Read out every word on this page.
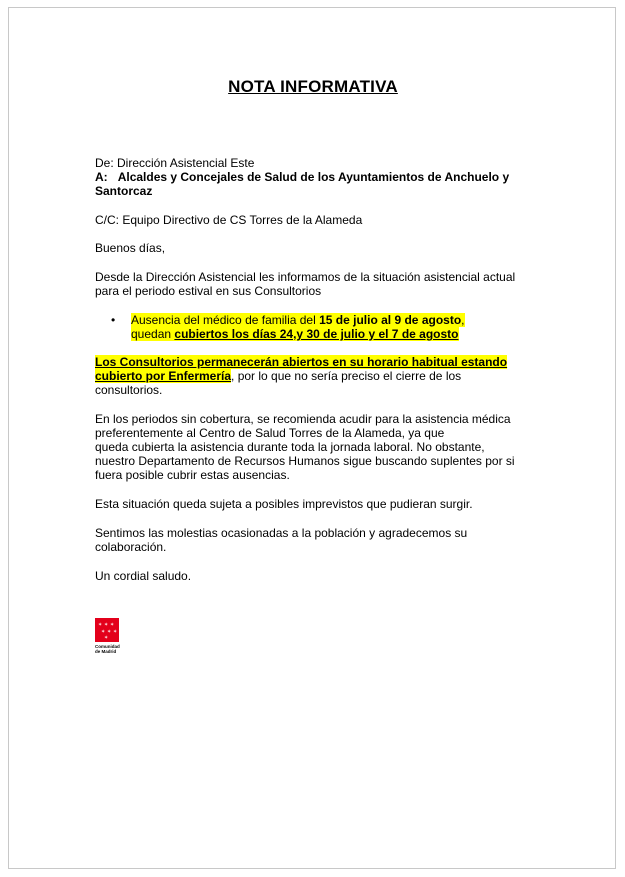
NOTA INFORMATIVA
De: Dirección Asistencial Este
A: Alcaldes y Concejales de Salud de los Ayuntamientos de Anchuelo y
Santorcaz
C/C: Equipo Directivo de CS Torres de la Alameda
Buenos días,
Desde la Dirección Asistencial les informamos de la situación asistencial actual
para el periodo estival en sus Consultorios
• Ausencia del médico de familia del 15 de julio al 9 de agosto,
quedan cubiertos los días 24,y 30 de julio y el 7 de agosto
Los Consultorios permanecerán abiertos en su horario habitual estando
cubierto por Enfermería, por lo que no sería preciso el cierre de los
consultorios.
En los periodos sin cobertura, se recomienda acudir para la asistencia médica
preferentemente al Centro de Salud Torres de la Alameda, ya que
queda cubierta la asistencia durante toda la jornada laboral. No obstante,
nuestro Departamento de Recursos Humanos sigue buscando suplentes por si
fuera posible cubrir estas ausencias.
Esta situación queda sujeta a posibles imprevistos que pudieran surgir.
Sentimos las molestias ocasionadas a la población y agradecemos su
colaboración.
Un cordial saludo.
✶ ✶ ✶
✶ ✶ ✶
✶
Comunidad
de Madrid
